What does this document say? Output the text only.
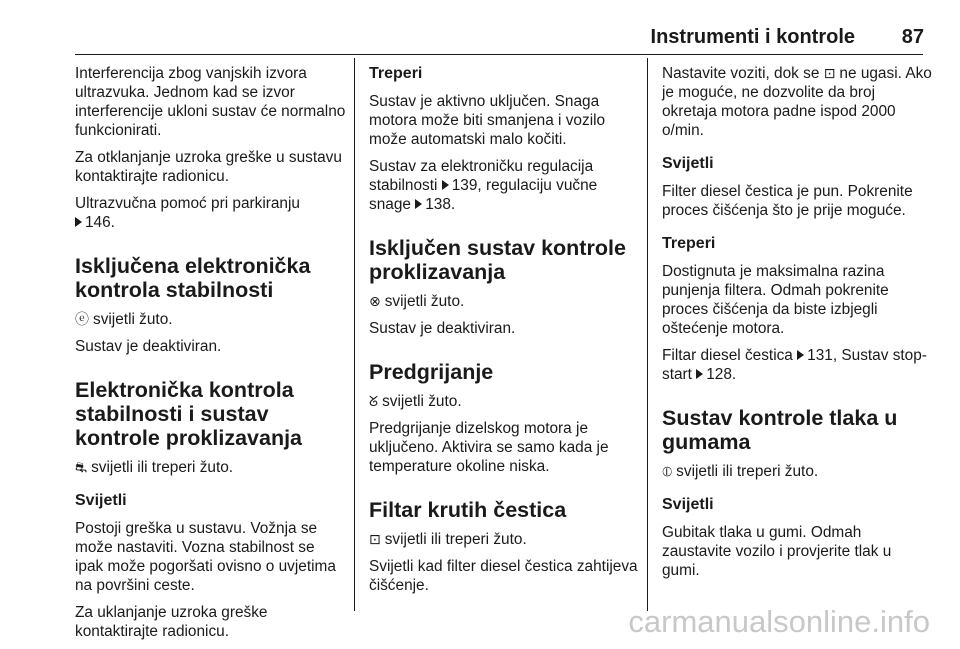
Instrumenti i kontrole 87

Interferencija zbog vanjskih izvora ultrazvuka. Jednom kad se izvor interferencije ukloni sustav će normalno funkcionirati.

Za otklanjanje uzroka greške u sustavu kontaktirajte radionicu.

Ultrazvučna pomoć pri parkiranju
146.

Isključena elektronička kontrola stabilnosti

ⓔ svijetli žuto.

Sustav je deaktiviran.

Elektronička kontrola stabilnosti i sustav kontrole proklizavanja

⛐ svijetli ili treperi žuto.

Svijetli

Postoji greška u sustavu. Vožnja se može nastaviti. Vozna stabilnost se ipak može pogoršati ovisno o uvjetima na površini ceste.

Za uklanjanje uzroka greške kontaktirajte radionicu.

Treperi

Sustav je aktivno uključen. Snaga motora može biti smanjena i vozilo može automatski malo kočiti.

Sustav za elektroničku regulacija stabilnosti 139, regulaciju vučne snage 138.

Isključen sustav kontrole proklizavanja

⊗ svijetli žuto.

Sustav je deaktiviran.

Predgrijanje

ᘜ svijetli žuto.

Predgrijanje dizelskog motora je uključeno. Aktivira se samo kada je temperature okoline niska.

Filtar krutih čestica

⊡ svijetli ili treperi žuto.

Svijetli kad filter diesel čestica zahtijeva čišćenje.

Nastavite voziti, dok se ⊡ ne ugasi. Ako je moguće, ne dozvolite da broj okretaja motora padne ispod 2000 o/min.

Svijetli

Filter diesel čestica je pun. Pokrenite proces čišćenja što je prije moguće.

Treperi

Dostignuta je maksimalna razina punjenja filtera. Odmah pokrenite proces čišćenja da biste izbjegli oštećenje motora.

Filtar diesel čestica 131, Sustav stop-start 128.

Sustav kontrole tlaka u gumama

⦶ svijetli ili treperi žuto.

Svijetli

Gubitak tlaka u gumi. Odmah zaustavite vozilo i provjerite tlak u gumi.

carmanualsonline.info
